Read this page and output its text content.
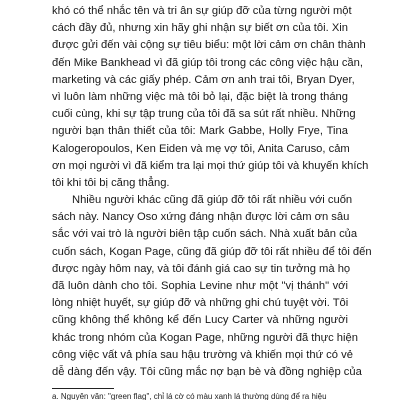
khó có thể nhắc tên và tri ân sự giúp đỡ của từng người một
cách đầy đủ, nhưng xin hãy ghi nhận sự biết ơn của tôi. Xin
được gửi đến vài cộng sự tiêu biểu: một lời cảm ơn chân thành
đến Mike Bankhead vì đã giúp tôi trong các công việc hậu cần,
marketing và các giấy phép. Cảm ơn anh trai tôi, Bryan Dyer,
vì luôn làm những việc mà tôi bỏ lại, đặc biệt là trong tháng
cuối cùng, khi sự tập trung của tôi đã sa sút rất nhiều. Những
người bạn thân thiết của tôi: Mark Gabbe, Holly Frye, Tina
Kalogeropoulos, Ken Eiden và mẹ vợ tôi, Anita Caruso, cảm
ơn mọi người vì đã kiểm tra lại mọi thứ giúp tôi và khuyến khích
tôi khi tôi bị căng thẳng.
Nhiều người khác cũng đã giúp đỡ tôi rất nhiều với cuốn
sách này. Nancy Oso xứng đáng nhận được lời cảm ơn sâu
sắc với vai trò là người biên tập cuốn sách. Nhà xuất bản của
cuốn sách, Kogan Page, cũng đã giúp đỡ tôi rất nhiều để tôi đến
được ngày hôm nay, và tôi đánh giá cao sự tin tưởng mà họ
đã luôn dành cho tôi. Sophia Levine như một "vị thánh" với
lòng nhiệt huyết, sự giúp đỡ và những ghi chú tuyệt vời. Tôi
cũng không thể không kể đến Lucy Carter và những người
khác trong nhóm của Kogan Page, những người đã thực hiện
công việc vất vả phía sau hậu trường và khiến mọi thứ có vẻ
dễ dàng đến vậy. Tôi cũng mắc nợ bạn bè và đồng nghiệp của
a. Nguyên văn: "green flag", chỉ lá cờ có màu xanh lá thường dùng để ra hiệu
